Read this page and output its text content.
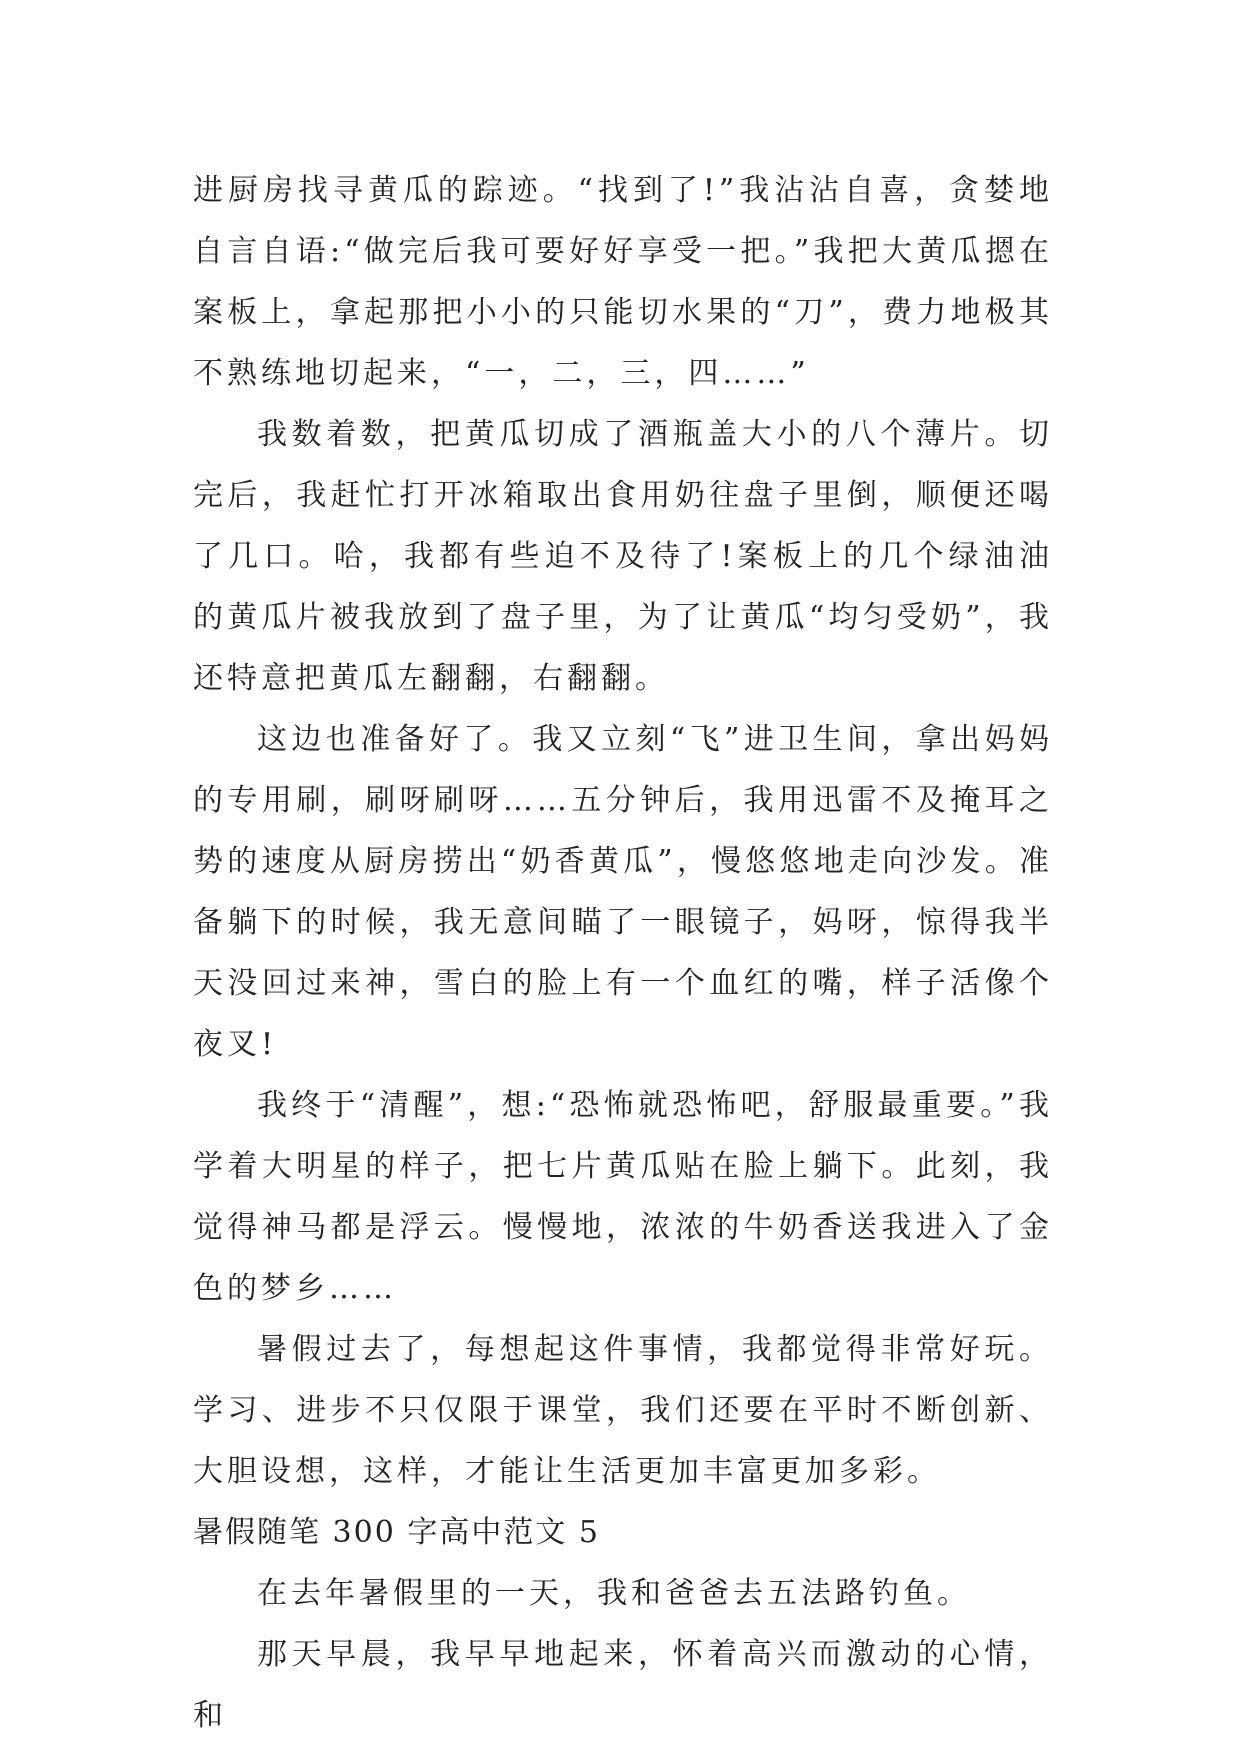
进厨房找寻黄瓜的踪迹。“找到了!”我沾沾自喜，贪婪地自言自语:“做完后我可要好好享受一把。”我把大黄瓜摁在案板上，拿起那把小小的只能切水果的“刀”，费力地极其不熟练地切起来，“一，二，三，四……”

我数着数，把黄瓜切成了酒瓶盖大小的八个薄片。切完后，我赶忙打开冰箱取出食用奶往盘子里倒，顺便还喝了几口。哈，我都有些迫不及待了!案板上的几个绿油油的黄瓜片被我放到了盘子里，为了让黄瓜“均匀受奶”，我还特意把黄瓜左翻翻，右翻翻。

这边也准备好了。我又立刻“飞”进卫生间，拿出妈妈的专用刷，刷呀刷呀……五分钟后，我用迅雷不及掩耳之势的速度从厨房捞出“奶香黄瓜”，慢悠悠地走向沙发。准备躺下的时候，我无意间瞄了一眼镜子，妈呀，惊得我半天没回过来神，雪白的脸上有一个血红的嘴，样子活像个夜叉!

我终于“清醒”，想:“恐怖就恐怖吧，舒服最重要。”我学着大明星的样子，把七片黄瓜贴在脸上躺下。此刻，我觉得神马都是浮云。慢慢地，浓浓的牛奶香送我进入了金色的梦乡……

暑假过去了，每想起这件事情，我都觉得非常好玩。学习、进步不只仅限于课堂，我们还要在平时不断创新、大胆设想，这样，才能让生活更加丰富更加多彩。

暑假随笔 300 字高中范文 5

在去年暑假里的一天，我和爸爸去五法路钓鱼。

那天早晨，我早早地起来，怀着高兴而激动的心情，和
